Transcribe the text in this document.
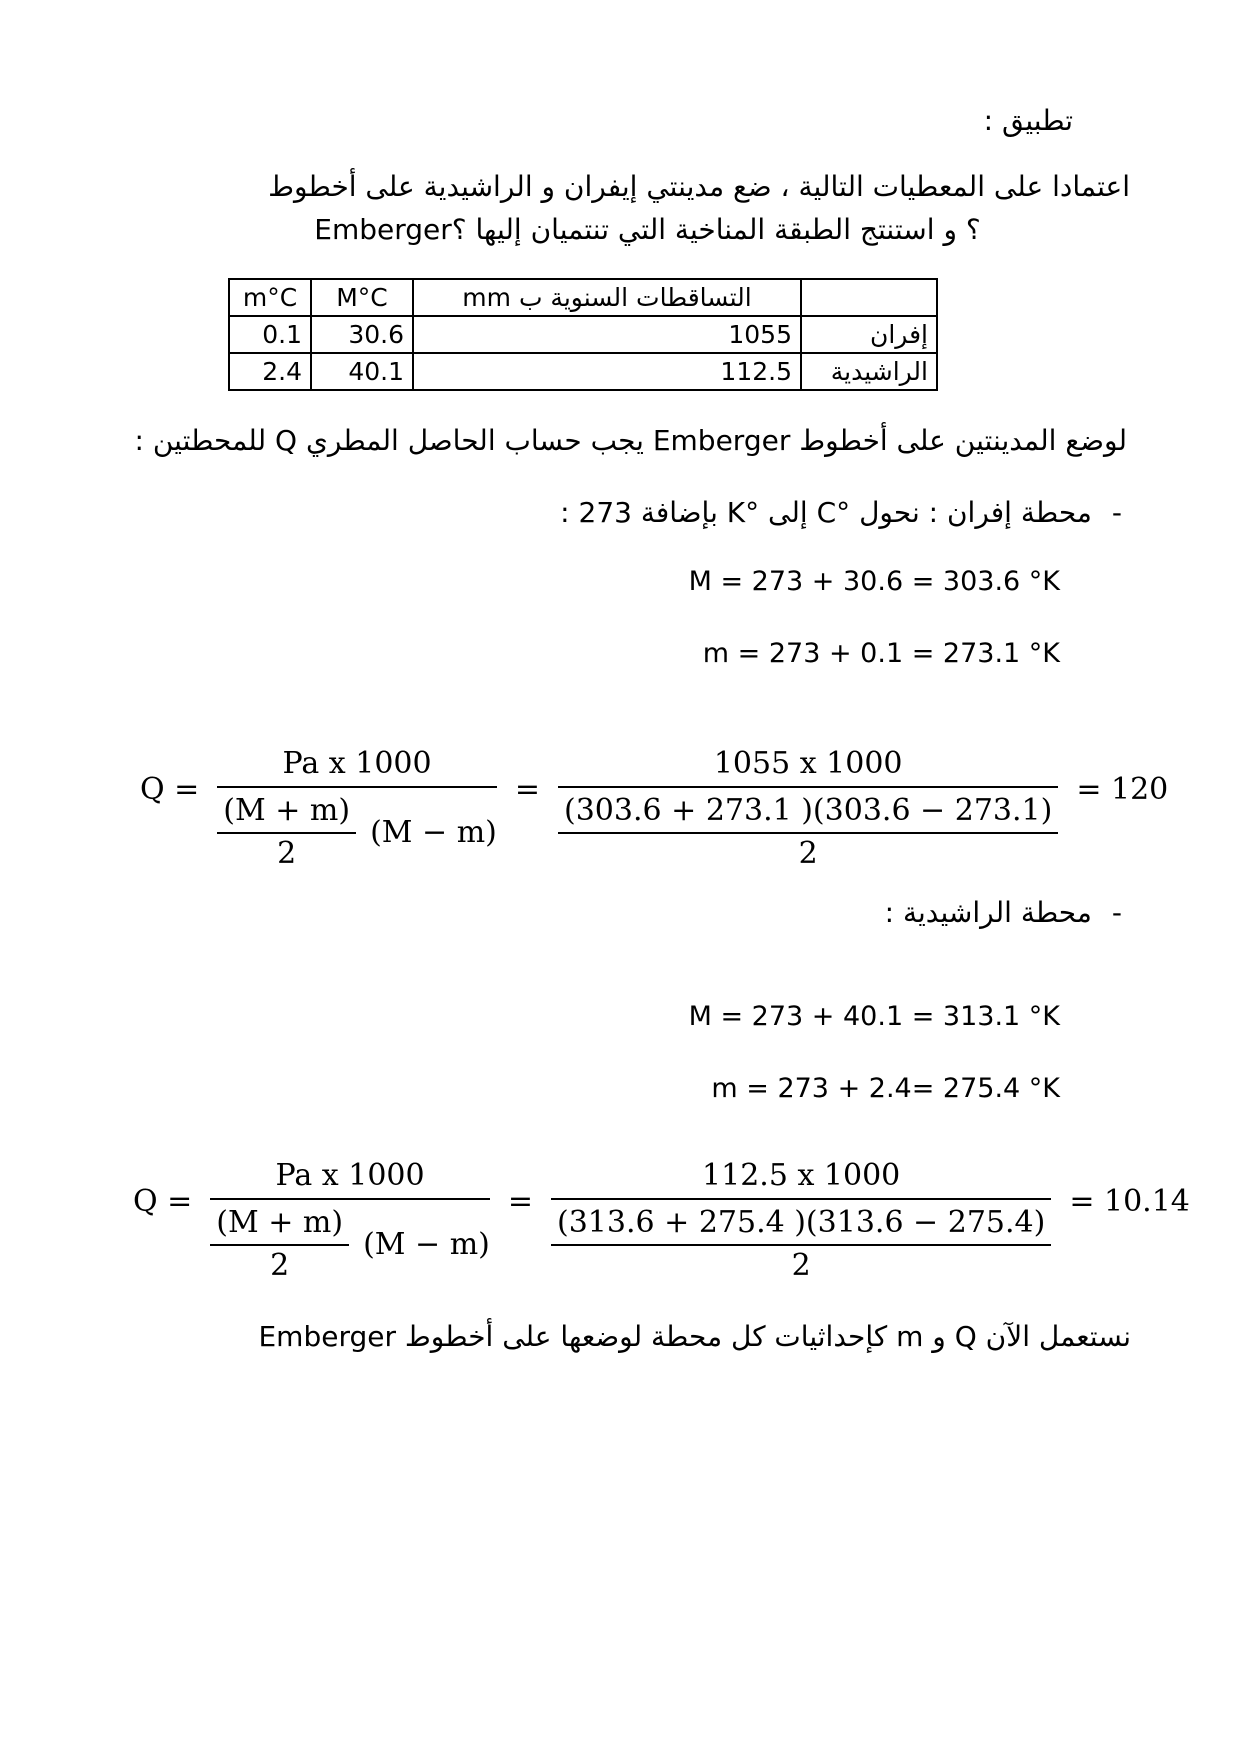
تطبيق :
اعتمادا على المعطيات التالية ، ضع مدينتي إيفران و الراشيدية على أخطوط
Emberger؟ و استنتج الطبقة المناخية التي تنتميان إليها ؟
m°C	M°C	التساقطات السنوية ب mm	
0.1	30.6	1055	إفران
2.4	40.1	112.5	الراشيدية
لوضع المدينتين على أخطوط Emberger يجب حساب الحاصل المطري Q للمحطتين :
-
محطة إفران : نحول °C إلى °K بإضافة 273 :
M = 273 + 30.6 = 303.6 °K
m = 273 + 0.1 = 273.1 °K
$Q = \frac{\text{Pa x 1000}}{\frac{(M + m)}{2} (M - m)} = \frac{1055 x 1000}{\frac{(303.6 + 273.1 )(303.6 - 273.1)}{2}} = 120$
-
محطة الراشيدية :
M = 273 + 40.1 = 313.1 °K
m = 273 + 2.4= 275.4 °K
$Q = \frac{\text{Pa x 1000}}{\frac{(M + m)}{2} (M - m)} = \frac{112.5 x 1000}{\frac{(313.6 + 275.4 )(313.6 - 275.4)}{2}} = 10.14$
نستعمل الآن Q و m كإحداثيات كل محطة لوضعها على أخطوط Emberger
